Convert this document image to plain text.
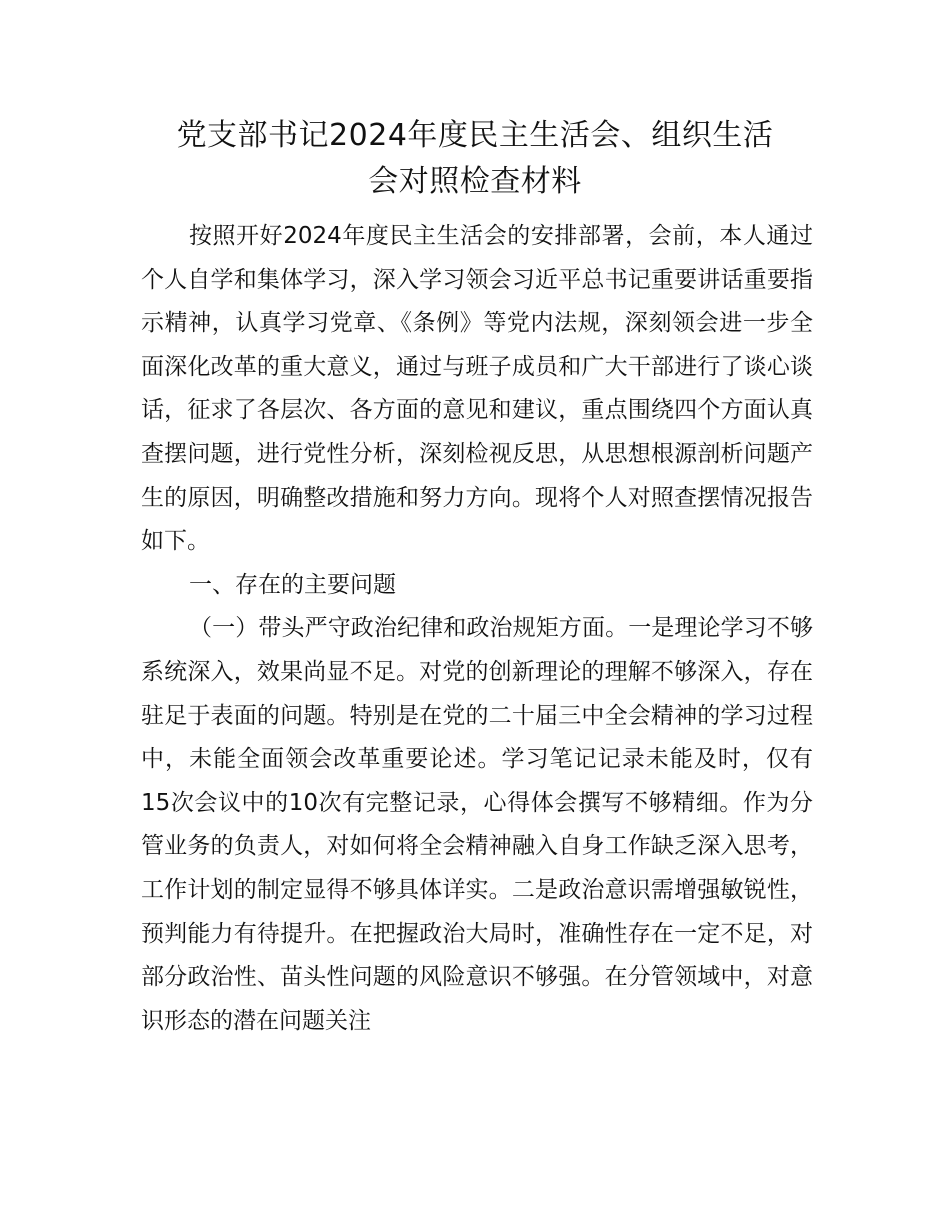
党支部书记2024年度民主生活会、组织生活
会对照检查材料

按照开好2024年度民主生活会的安排部署，会前，本人通过个人自学和集体学习，深入学习领会习近平总书记重要讲话重要指示精神，认真学习党章、《条例》等党内法规，深刻领会进一步全面深化改革的重大意义，通过与班子成员和广大干部进行了谈心谈话，征求了各层次、各方面的意见和建议，重点围绕四个方面认真查摆问题，进行党性分析，深刻检视反思，从思想根源剖析问题产生的原因，明确整改措施和努力方向。现将个人对照查摆情况报告如下。

一、存在的主要问题

（一）带头严守政治纪律和政治规矩方面。一是理论学习不够系统深入，效果尚显不足。对党的创新理论的理解不够深入，存在驻足于表面的问题。特别是在党的二十届三中全会精神的学习过程中，未能全面领会改革重要论述。学习笔记记录未能及时，仅有15次会议中的10次有完整记录，心得体会撰写不够精细。作为分管业务的负责人，对如何将全会精神融入自身工作缺乏深入思考，工作计划的制定显得不够具体详实。二是政治意识需增强敏锐性，预判能力有待提升。在把握政治大局时，准确性存在一定不足，对部分政治性、苗头性问题的风险意识不够强。在分管领域中，对意识形态的潜在问题关注
